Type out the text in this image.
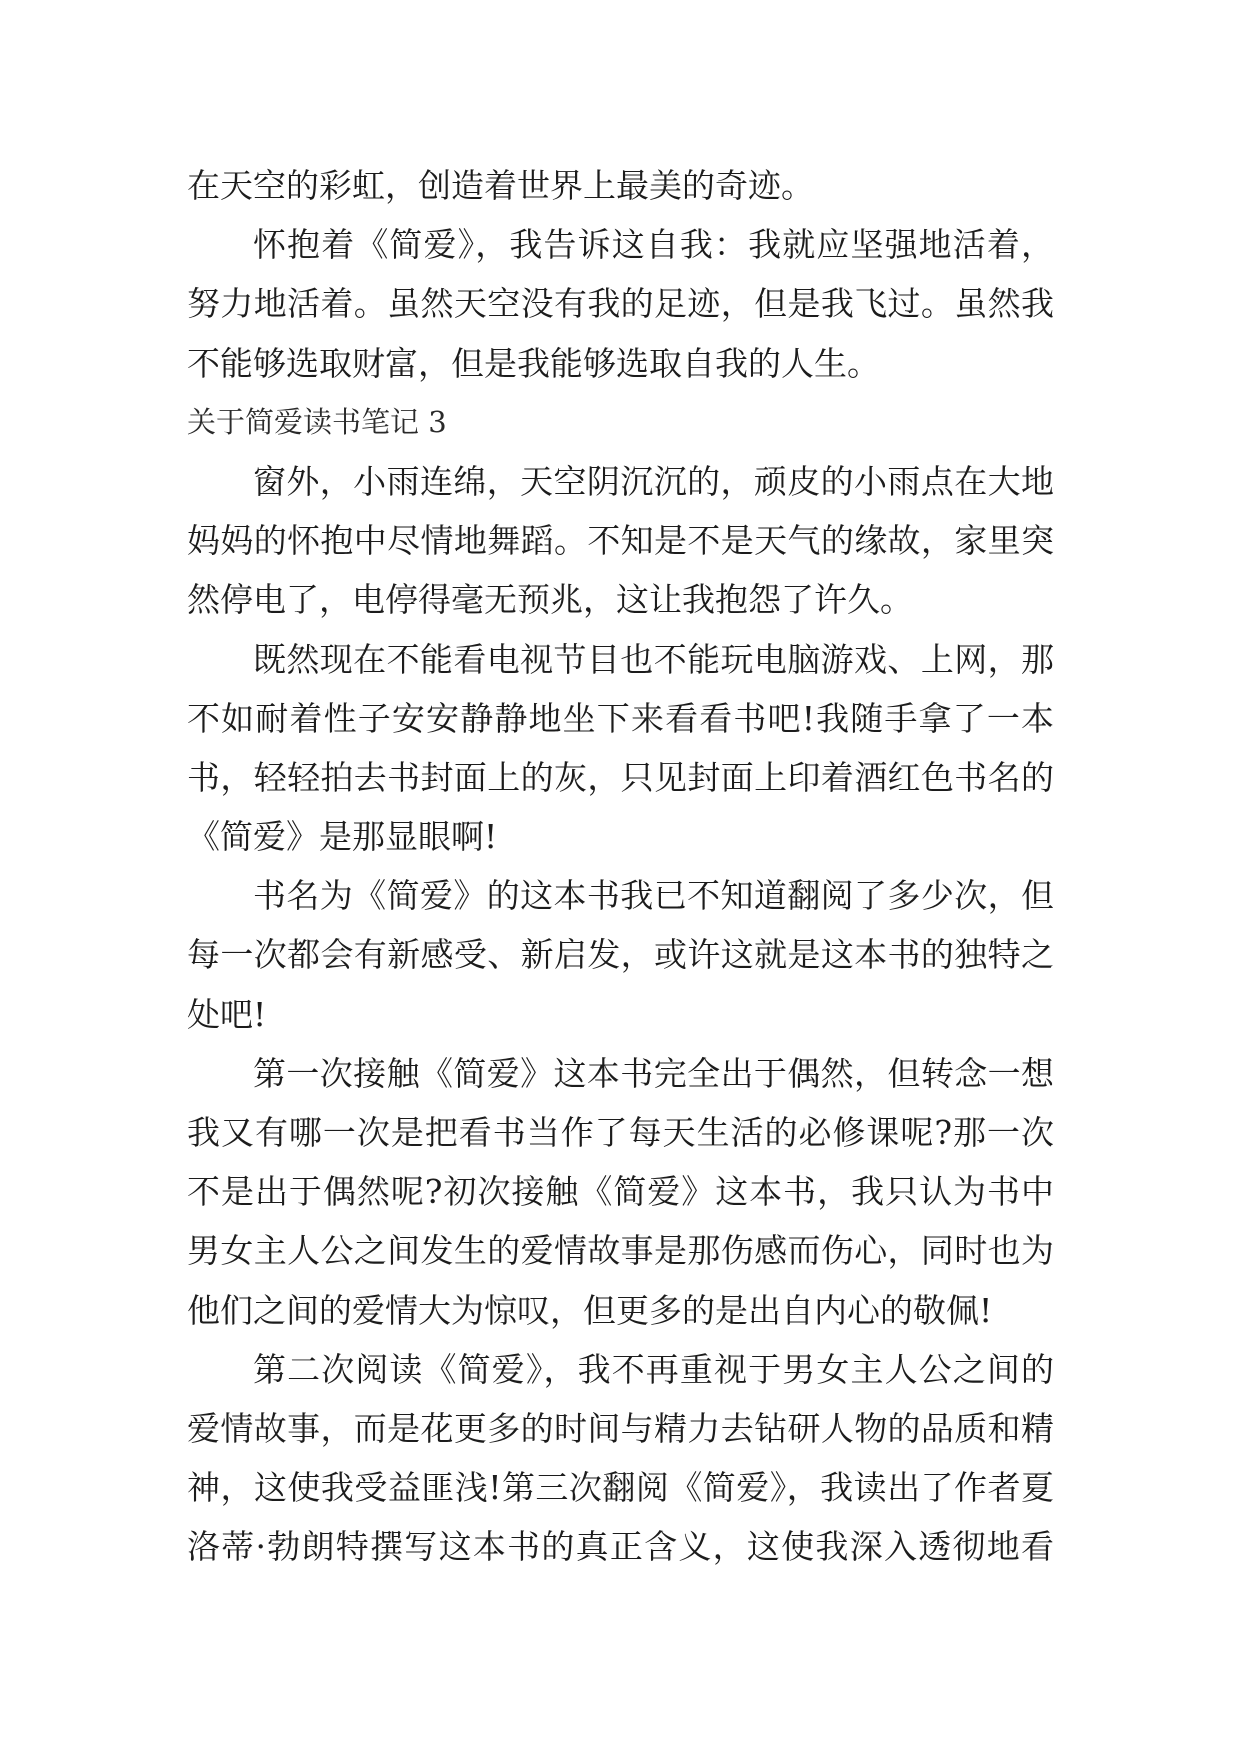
在天空的彩虹，创造着世界上最美的奇迹。
怀抱着《简爱》，我告诉这自我：我就应坚强地活着，
努力地活着。虽然天空没有我的足迹，但是我飞过。虽然我
不能够选取财富，但是我能够选取自我的人生。
关于简爱读书笔记 3
窗外，小雨连绵，天空阴沉沉的，顽皮的小雨点在大地
妈妈的怀抱中尽情地舞蹈。不知是不是天气的缘故，家里突
然停电了，电停得毫无预兆，这让我抱怨了许久。
既然现在不能看电视节目也不能玩电脑游戏、上网，那
不如耐着性子安安静静地坐下来看看书吧!我随手拿了一本
书，轻轻拍去书封面上的灰，只见封面上印着酒红色书名的
《简爱》是那显眼啊!
书名为《简爱》的这本书我已不知道翻阅了多少次，但
每一次都会有新感受、新启发，或许这就是这本书的独特之
处吧!
第一次接触《简爱》这本书完全出于偶然，但转念一想
我又有哪一次是把看书当作了每天生活的必修课呢?那一次
不是出于偶然呢?初次接触《简爱》这本书，我只认为书中
男女主人公之间发生的爱情故事是那伤感而伤心，同时也为
他们之间的爱情大为惊叹，但更多的是出自内心的敬佩!
第二次阅读《简爱》，我不再重视于男女主人公之间的
爱情故事，而是花更多的时间与精力去钻研人物的品质和精
神，这使我受益匪浅!第三次翻阅《简爱》，我读出了作者夏
洛蒂·勃朗特撰写这本书的真正含义，这使我深入透彻地看
